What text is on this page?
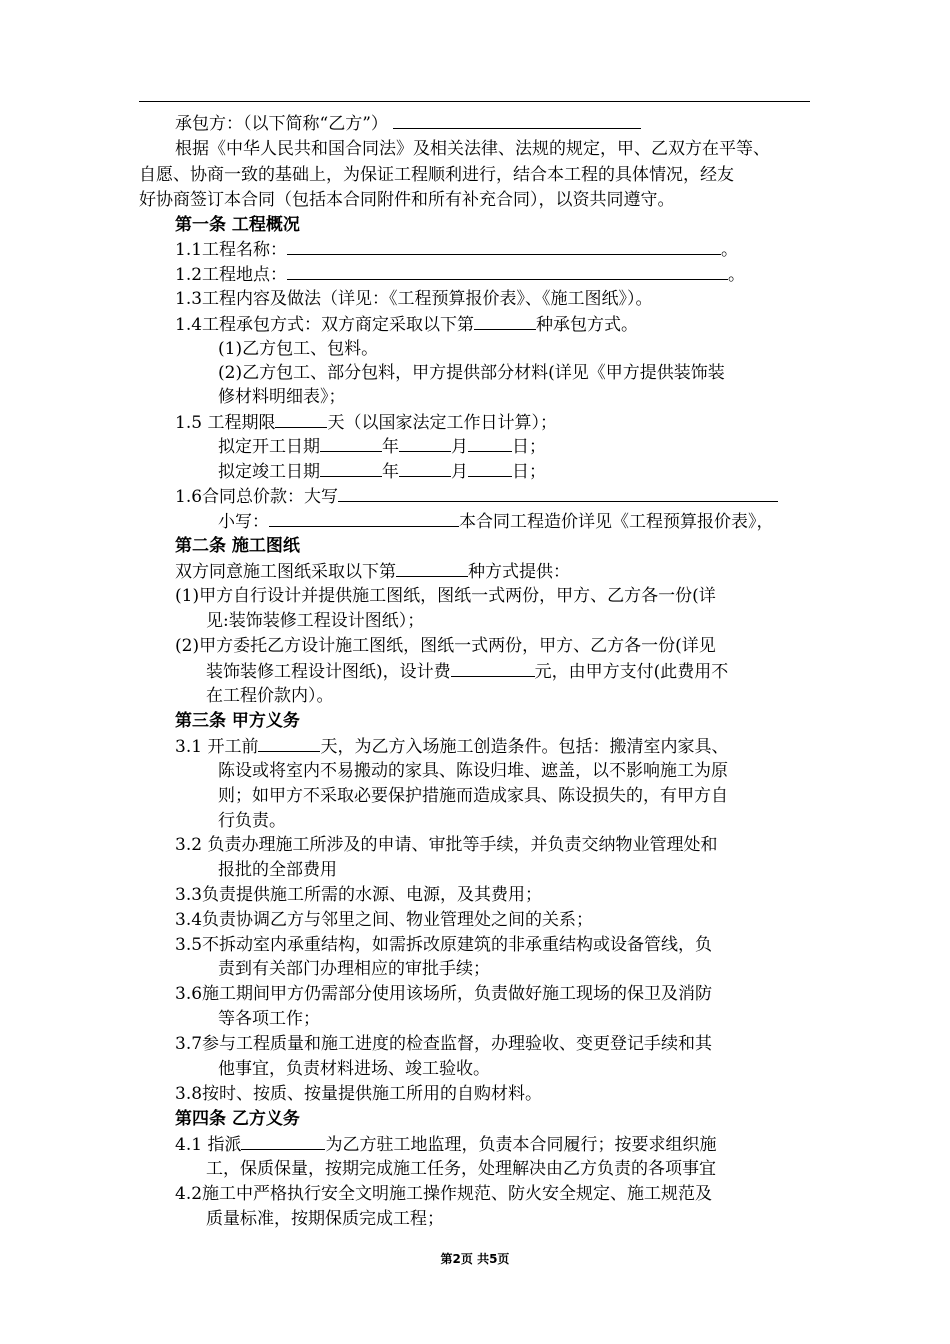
承包方：（以下简称“乙方”）
根据《中华人民共和国合同法》及相关法律、法规的规定，甲、乙双方在平等、
自愿、协商一致的基础上，为保证工程顺利进行，结合本工程的具体情况，经友
好协商签订本合同（包括本合同附件和所有补充合同），以资共同遵守。
第一条 工程概况
1.1工程名称：	。
1.2工程地点：	。
1.3工程内容及做法（详见：《工程预算报价表》、《施工图纸》）。
1.4工程承包方式：双方商定采取以下第	种承包方式。
(1)乙方包工、包料。
(2)乙方包工、部分包料，甲方提供部分材料(详见《甲方提供装饰装
修材料明细表》；
1.5 工程期限	天（以国家法定工作日计算）；
拟定开工日期	年	月	日；
拟定竣工日期	年	月	日；
1.6合同总价款：大写
小写：	本合同工程造价详见《工程预算报价表》，
第二条 施工图纸
双方同意施工图纸采取以下第	种方式提供：
(1)甲方自行设计并提供施工图纸，图纸一式两份，甲方、乙方各一份(详
见:装饰装修工程设计图纸）；
(2)甲方委托乙方设计施工图纸，图纸一式两份，甲方、乙方各一份(详见
装饰装修工程设计图纸)，设计费	元，由甲方支付(此费用不
在工程价款内）。
第三条 甲方义务
3.1 开工前	天，为乙方入场施工创造条件。包括：搬清室内家具、
陈设或将室内不易搬动的家具、陈设归堆、遮盖，以不影响施工为原
则；如甲方不采取必要保护措施而造成家具、陈设损失的，有甲方自
行负责。
3.2 负责办理施工所涉及的申请、审批等手续，并负责交纳物业管理处和
报批的全部费用
3.3负责提供施工所需的水源、电源，及其费用；
3.4负责协调乙方与邻里之间、物业管理处之间的关系；
3.5不拆动室内承重结构，如需拆改原建筑的非承重结构或设备管线，负
责到有关部门办理相应的审批手续；
3.6施工期间甲方仍需部分使用该场所，负责做好施工现场的保卫及消防
等各项工作；
3.7参与工程质量和施工进度的检查监督，办理验收、变更登记手续和其
他事宜，负责材料进场、竣工验收。
3.8按时、按质、按量提供施工所用的自购材料。
第四条 乙方义务
4.1 指派	为乙方驻工地监理，负责本合同履行；按要求组织施
工，保质保量，按期完成施工任务，处理解决由乙方负责的各项事宜
4.2施工中严格执行安全文明施工操作规范、防火安全规定、施工规范及
质量标准，按期保质完成工程；
第2页 共5页
